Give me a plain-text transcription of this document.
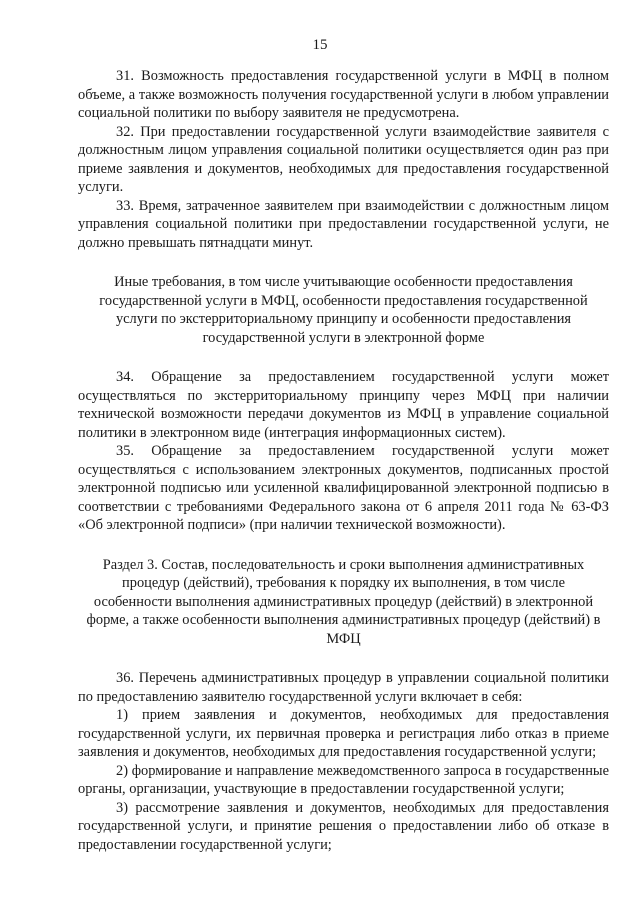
15

31. Возможность предоставления государственной услуги в МФЦ в полном объеме, а также возможность получения государственной услуги в любом управлении социальной политики по выбору заявителя не предусмотрена.

32. При предоставлении государственной услуги взаимодействие заявителя с должностным лицом управления социальной политики осуществляется один раз при приеме заявления и документов, необходимых для предоставления государственной услуги.

33. Время, затраченное заявителем при взаимодействии с должностным лицом управления социальной политики при предоставлении государственной услуги, не должно превышать пятнадцати минут.

Иные требования, в том числе учитывающие особенности предоставления государственной услуги в МФЦ, особенности предоставления государственной услуги по экстерриториальному принципу и особенности предоставления государственной услуги в электронной форме

34. Обращение за предоставлением государственной услуги может осуществляться по экстерриториальному принципу через МФЦ при наличии технической возможности передачи документов из МФЦ в управление социальной политики в электронном виде (интеграция информационных систем).

35. Обращение за предоставлением государственной услуги может осуществляться с использованием электронных документов, подписанных простой электронной подписью или усиленной квалифицированной электронной подписью в соответствии с требованиями Федерального закона от 6 апреля 2011 года № 63-ФЗ «Об электронной подписи» (при наличии технической возможности).

Раздел 3. Состав, последовательность и сроки выполнения административных процедур (действий), требования к порядку их выполнения, в том числе особенности выполнения административных процедур (действий) в электронной форме, а также особенности выполнения административных процедур (действий) в МФЦ

36. Перечень административных процедур в управлении социальной политики по предоставлению заявителю государственной услуги включает в себя:

1) прием заявления и документов, необходимых для предоставления государственной услуги, их первичная проверка и регистрация либо отказ в приеме заявления и документов, необходимых для предоставления государственной услуги;

2) формирование и направление межведомственного запроса в государственные органы, организации, участвующие в предоставлении государственной услуги;

3) рассмотрение заявления и документов, необходимых для предоставления государственной услуги, и принятие решения о предоставлении либо об отказе в предоставлении государственной услуги;
